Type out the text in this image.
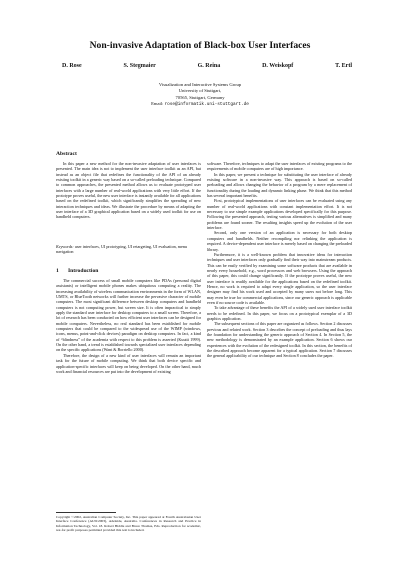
Non-invasive Adaptation of Black-box User Interfaces
D. Rose	S. Stegmaier	G. Reina	D. Weiskopf	T. Ertl
Visualization and Interactive Systems Group
University of Stuttgart,
70565, Stuttgart, Germany
Email: rose@informatik.uni-stuttgart.de
Abstract

In this paper a new method for the non-invasive adaptation of user interfaces is presented. The main idea is not to implement the user interface toolkit as an API, but instead as an object file that redefines the functionality of the API of an already existing toolkit in a generic way based on a so-called preloading technique. Compared to common approaches, the presented method allows us to evaluate prototyped user interfaces with a large number of real-world applications with very little effort. If the prototype proves useful, the new user interface is instantly available for all applications based on the redefined toolkit, which significantly simplifies the spreading of new interaction techniques and ideas. We illustrate the procedure by means of adapting the user interface of a 3D graphical application based on a widely used toolkit for use on handheld computers.

Keywords: user interfaces, UI prototyping, UI retargeting, UI evaluation, menu navigation
1 Introduction

The commercial success of small mobile computers like PDAs (personal digital assistants) or intelligent mobile phones makes ubiquitous computing a reality. The increasing availability of wireless communication environments in the form of WLAN, UMTS, or BlueTooth networks will further increase the pervasive character of mobile computers. The most significant difference between desktop computers and handheld computers is not computing power, but screen size. It is often impractical to simply apply the standard user interface for desktop computers to a small screen. Therefore, a lot of research has been conducted on how efficient user interfaces can be designed for mobile computers. Nevertheless, no real standard has been established for mobile computers that could be compared to the widespread use of the WIMP (windows, icons, menus, point-and-click devices) paradigm on desktop computers. In fact, a kind of “blindness” of the academia with respect to this problem is asserted (Kuutti 1999). On the other hand, a trend is established towards specialized user interfaces depending on the specific applications (Want & Borriello 2000).

Therefore, the design of a new kind of user interfaces will remain an important task for the future of mobile computing. We think that both device specific and application-specific interfaces will keep on being developed. On the other hand, much work and financial resources are put into the development of existing

software. Therefore, techniques to adapt the user interfaces of existing programs to the requirements of mobile computers are of high importance.

In this paper, we present a technique for substituting the user interface of already existing software in a non-invasive way. This approach is based on so-called preloading and allows changing the behavior of a program by a mere replacement of functionality during the loading and dynamic linking phase. We think that this method has several important benefits.

First, prototypical implementations of user interfaces can be evaluated using any number of real-world applications with constant implementation effort. It is not necessary to use simple example applications developed specifically for this purpose. Following the presented approach, testing various alternatives is simplified and many problems are found sooner. The resulting insights speed up the evolution of the user interface.

Second, only one version of an application is necessary for both desktop computers and handhelds. Neither recompiling nor relinking the application is required. A device-dependent user interface is merely based on changing the preloaded library.

Furthermore, it is a well-known problem that innovative ideas for interaction techniques and user interfaces only gradually find their way into mainstream products. This can be easily verified by examining some software products that are available in nearly every household, e.g., word processors and web browsers. Using the approach of this paper, this could change significantly. If the prototype proves useful, the new user interface is readily available for the applications based on the redefined toolkit. Hence, no work is required to adapt every single application, so the user interface designer may find his work used and accepted by many users not before long. This may even be true for commercial applications, since our generic approach is applicable even if no source code is available.

To take advantage of these benefits the API of a widely used user interface toolkit needs to be redefined. In this paper, we focus on a prototypical exemplar of a 3D graphics application.

The subsequent sections of this paper are organized as follows. Section 2 discusses previous and related work. Section 3 describes the concept of preloading and thus lays the foundation for understanding the generic approach of Section 4. In Section 5, the new methodology is demonstrated by an example application. Section 6 shows our experiences with the evolution of the redesigned toolkit. In this section, the benefits of the described approach become apparent for a typical application. Section 7 discusses the general applicability of our technique and Section 8 concludes the paper.

Copyright ©2002, Australian Computer Society, Inc. This paper appeared at Fourth Australasian User Interface Conference (AUIC2003), Adelaide, Australia. Conferences in Research and Practice in Information Technology, Vol. 18. Robert Biddle and Bruce Thomas, Eds. Reproduction for academic, not-for profit purposes permitted provided this text is included.
